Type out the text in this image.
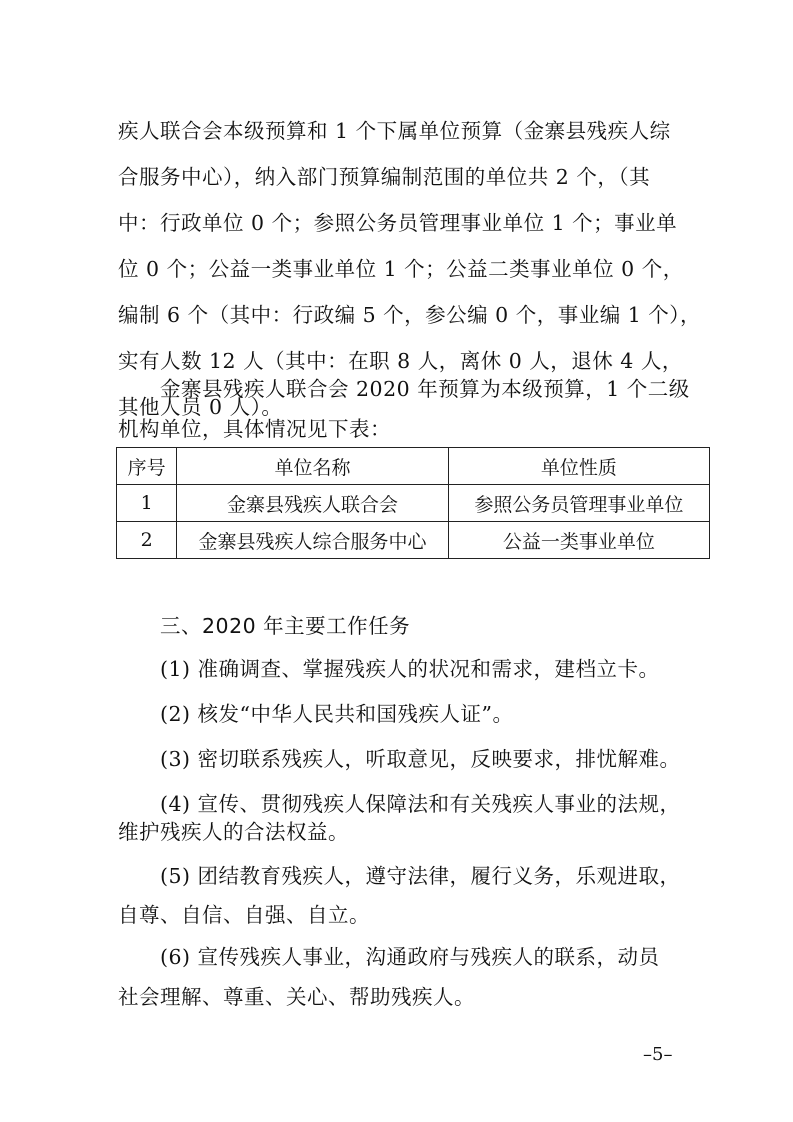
疾人联合会本级预算和 1 个下属单位预算（金寨县残疾人综
合服务中心），纳入部门预算编制范围的单位共 2 个，（其
中：行政单位 0 个；参照公务员管理事业单位 1 个；事业单
位 0 个；公益一类事业单位 1 个；公益二类事业单位 0 个，
编制 6 个（其中：行政编 5 个，参公编 0 个，事业编 1 个），
实有人数 12 人（其中：在职 8 人，离休 0 人，退休 4 人，
其他人员 0 人）。
金寨县残疾人联合会 2020 年预算为本级预算，1 个二级
机构单位，具体情况见下表：
序号	单位名称	单位性质
1	金寨县残疾人联合会	参照公务员管理事业单位
2	金寨县残疾人综合服务中心	公益一类事业单位
三、2020 年主要工作任务
(1) 准确调查、掌握残疾人的状况和需求，建档立卡。
(2) 核发“中华人民共和国残疾人证”。
(3) 密切联系残疾人，听取意见，反映要求，排忧解难。
(4) 宣传、贯彻残疾人保障法和有关残疾人事业的法规，
维护残疾人的合法权益。
(5) 团结教育残疾人，遵守法律，履行义务，乐观进取，
自尊、自信、自强、自立。
(6) 宣传残疾人事业，沟通政府与残疾人的联系，动员
社会理解、尊重、关心、帮助残疾人。
–5–
